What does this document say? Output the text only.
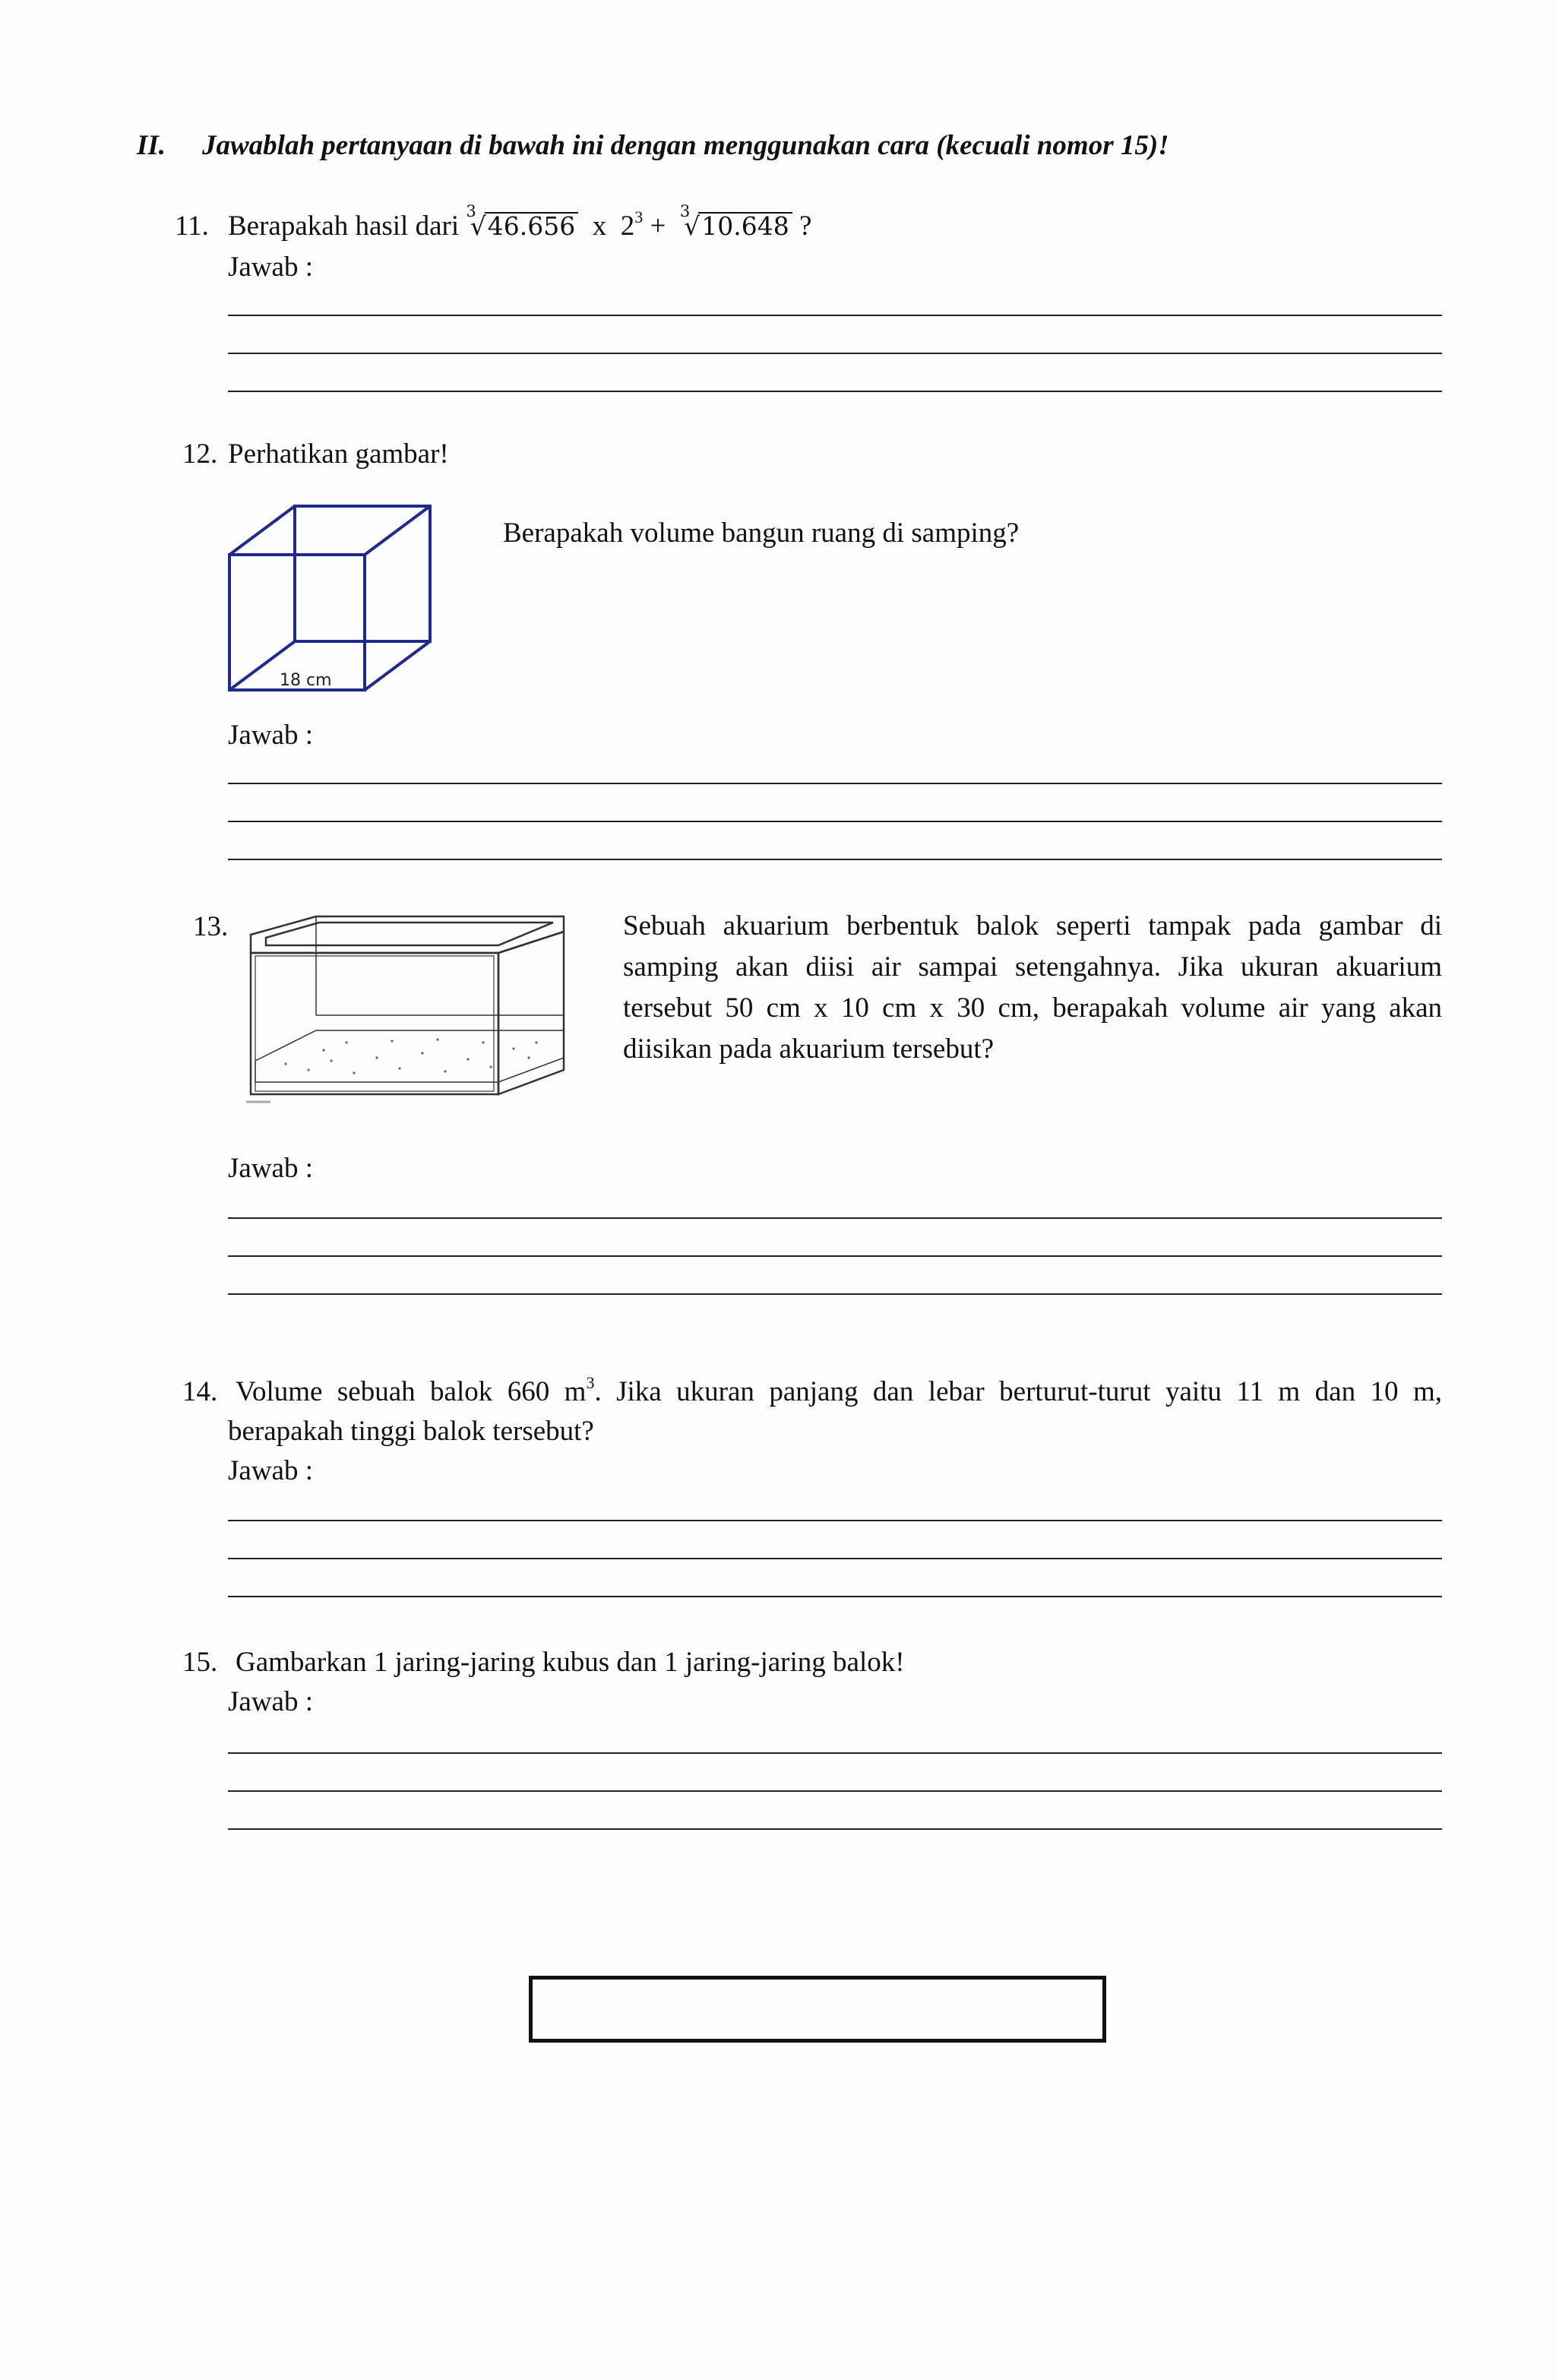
II. Jawablah pertanyaan di bawah ini dengan menggunakan cara (kecuali nomor 15)!
11. Berapakah hasil dari $^3$√46.656 x $2^3 + ^3√10.648$ ?
Jawab :
12. Perhatikan gambar!
18 cm
Berapakah volume bangun ruang di samping?
Jawab :
13.	Sebuah akuarium berbentuk balok seperti tampak pada gambar di samping akan diisi air sampai setengahnya. Jika ukuran akuarium tersebut 50 cm x 10 cm x 30 cm, berapakah volume air yang akan diisikan pada akuarium tersebut?
Jawab :
14. Volume sebuah balok 660 $m^3$. Jika ukuran panjang dan lebar berturut-turut yaitu 11 m dan 10 m,
berapakah tinggi balok tersebut?
Jawab :
15. Gambarkan 1 jaring-jaring kubus dan 1 jaring-jaring balok!
Jawab :
